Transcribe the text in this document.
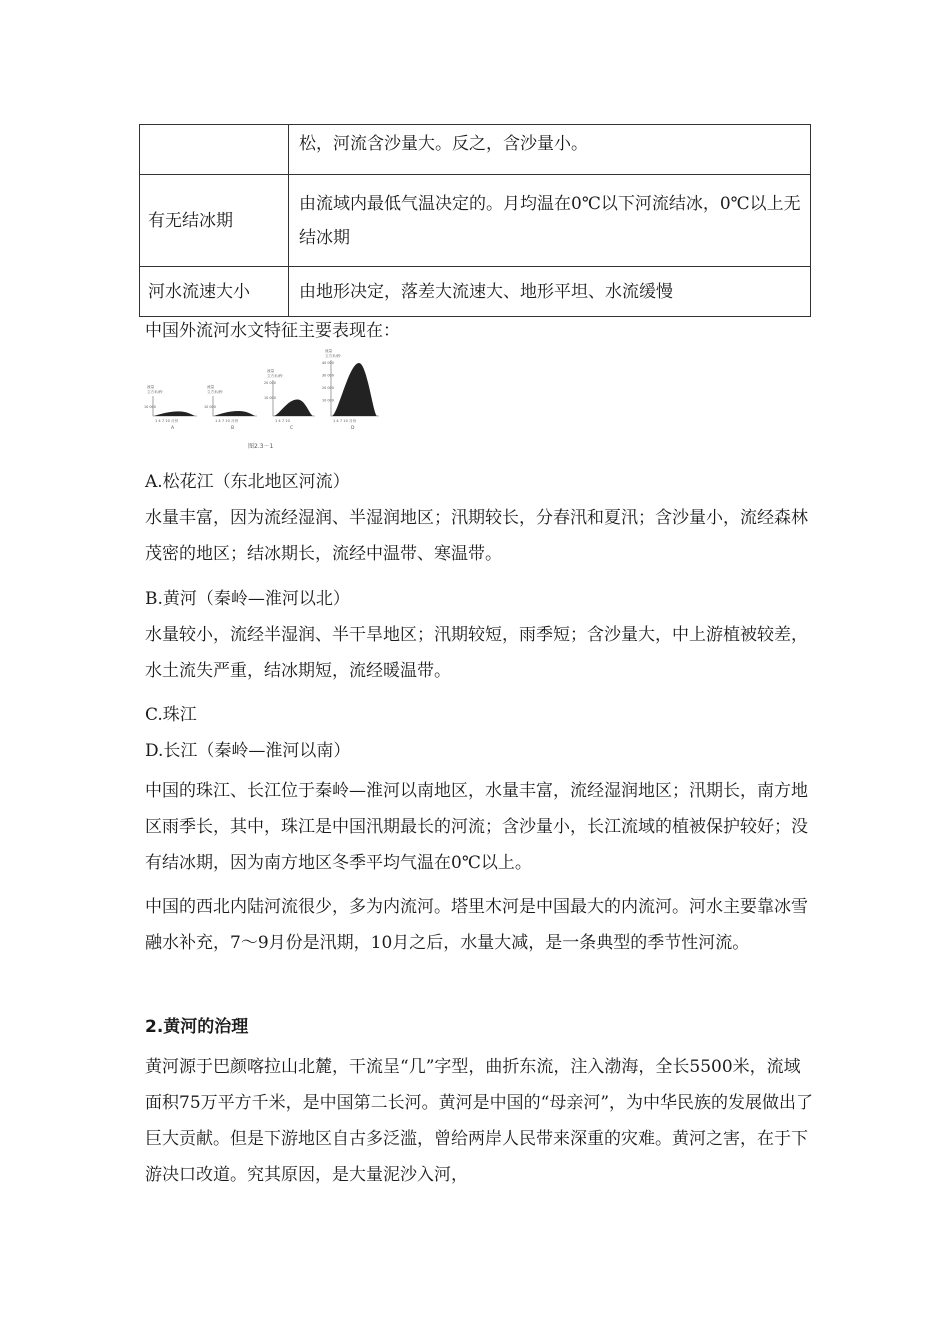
	松，河流含沙量大。反之，含沙量小。
有无结冰期	由流域内最低气温决定的。月均温在0℃以下河流结冰，0℃以上无结冰期
河水流速大小	由地形决定，落差大流速大、地形平坦、水流缓慢

中国外流河水文特征主要表现在：

流量
立方米/秒
10 000
1 4 7 10 月份
A
流量
立方米/秒
10 000
1 4 7 10 月份
B
流量
立方米/秒
20 000
10 000
1 4 7 10
C
流量
立方米/秒
40 000
30 000
20 000
10 000
1 4 7 10 月份
D
图2.3－1

A.松花江（东北地区河流）

水量丰富，因为流经湿润、半湿润地区；汛期较长，分春汛和夏汛；含沙量小，流经森林茂密的地区；结冰期长，流经中温带、寒温带。

B.黄河（秦岭—淮河以北）

水量较小，流经半湿润、半干旱地区；汛期较短，雨季短；含沙量大，中上游植被较差，水土流失严重，结冰期短，流经暖温带。

C.珠江

D.长江（秦岭—淮河以南）

中国的珠江、长江位于秦岭—淮河以南地区，水量丰富，流经湿润地区；汛期长，南方地区雨季长，其中，珠江是中国汛期最长的河流；含沙量小，长江流域的植被保护较好；没有结冰期，因为南方地区冬季平均气温在0℃以上。

中国的西北内陆河流很少，多为内流河。塔里木河是中国最大的内流河。河水主要靠冰雪融水补充，7～9月份是汛期，10月之后，水量大减，是一条典型的季节性河流。

2.黄河的治理

黄河源于巴颜喀拉山北麓，干流呈“几”字型，曲折东流，注入渤海，全长5500米，流域面积75万平方千米，是中国第二长河。黄河是中国的“母亲河”，为中华民族的发展做出了巨大贡献。但是下游地区自古多泛滥，曾给两岸人民带来深重的灾难。黄河之害，在于下游决口改道。究其原因，是大量泥沙入河，
